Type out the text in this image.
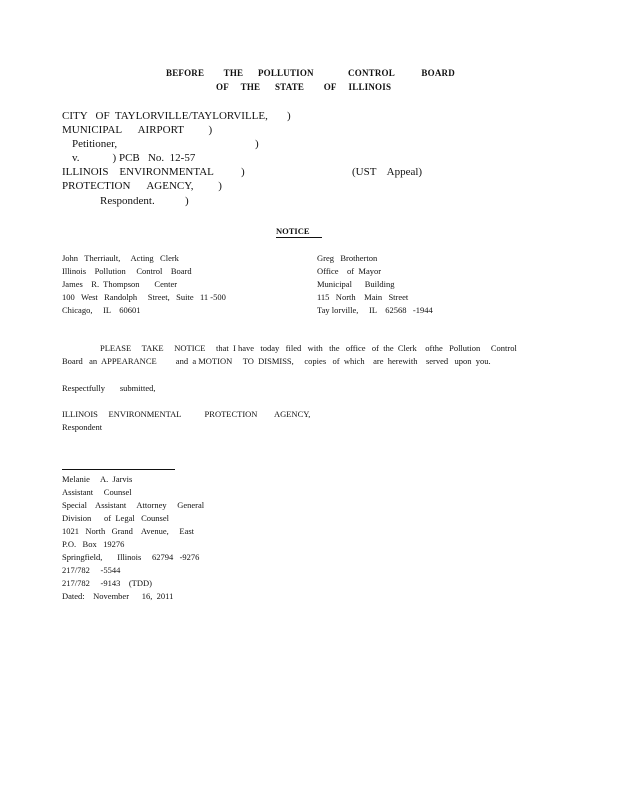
BEFORE        THE      POLLUTION              CONTROL           BOARD
OF     THE      STATE        OF     ILLINOIS
CITY   OF  TAYLORVILLE/TAYLORVILLE, )
MUNICIPAL      AIRPORT         )
Petitioner,	)
v.            ) PCB   No.  12-57
ILLINOIS    ENVIRONMENTAL          )	(UST    Appeal)
PROTECTION      AGENCY,         )
Respondent.           )
NOTICE
John   Therriault,     Acting   Clerk
Illinois    Pollution     Control    Board
James    R.  Thompson       Center
100   West   Randolph     Street,   Suite   11 -500
Chicago,     IL    60601
Greg   Brotherton
Office    of  Mayor
Municipal      Building
115   North    Main   Street
Tay lorville,     IL    62568   -1944
PLEASE     TAKE     NOTICE     that  I have   today   filed   with   the   office   of  the  Clerk    ofthe   Pollution     Control
Board   an  APPEARANCE         and  a MOTION     TO  DISMISS,     copies   of  which    are  herewith    served   upon  you.
Respectfully       submitted,
ILLINOIS     ENVIRONMENTAL           PROTECTION        AGENCY,
Respondent
Melanie     A.  Jarvis
Assistant     Counsel
Special    Assistant     Attorney     General
Division      of  Legal   Counsel
1021   North   Grand    Avenue,     East
P.O.   Box   19276
Springfield,       Illinois     62794   -9276
217/782     -5544
217/782     -9143    (TDD)
Dated:    November      16,  2011
